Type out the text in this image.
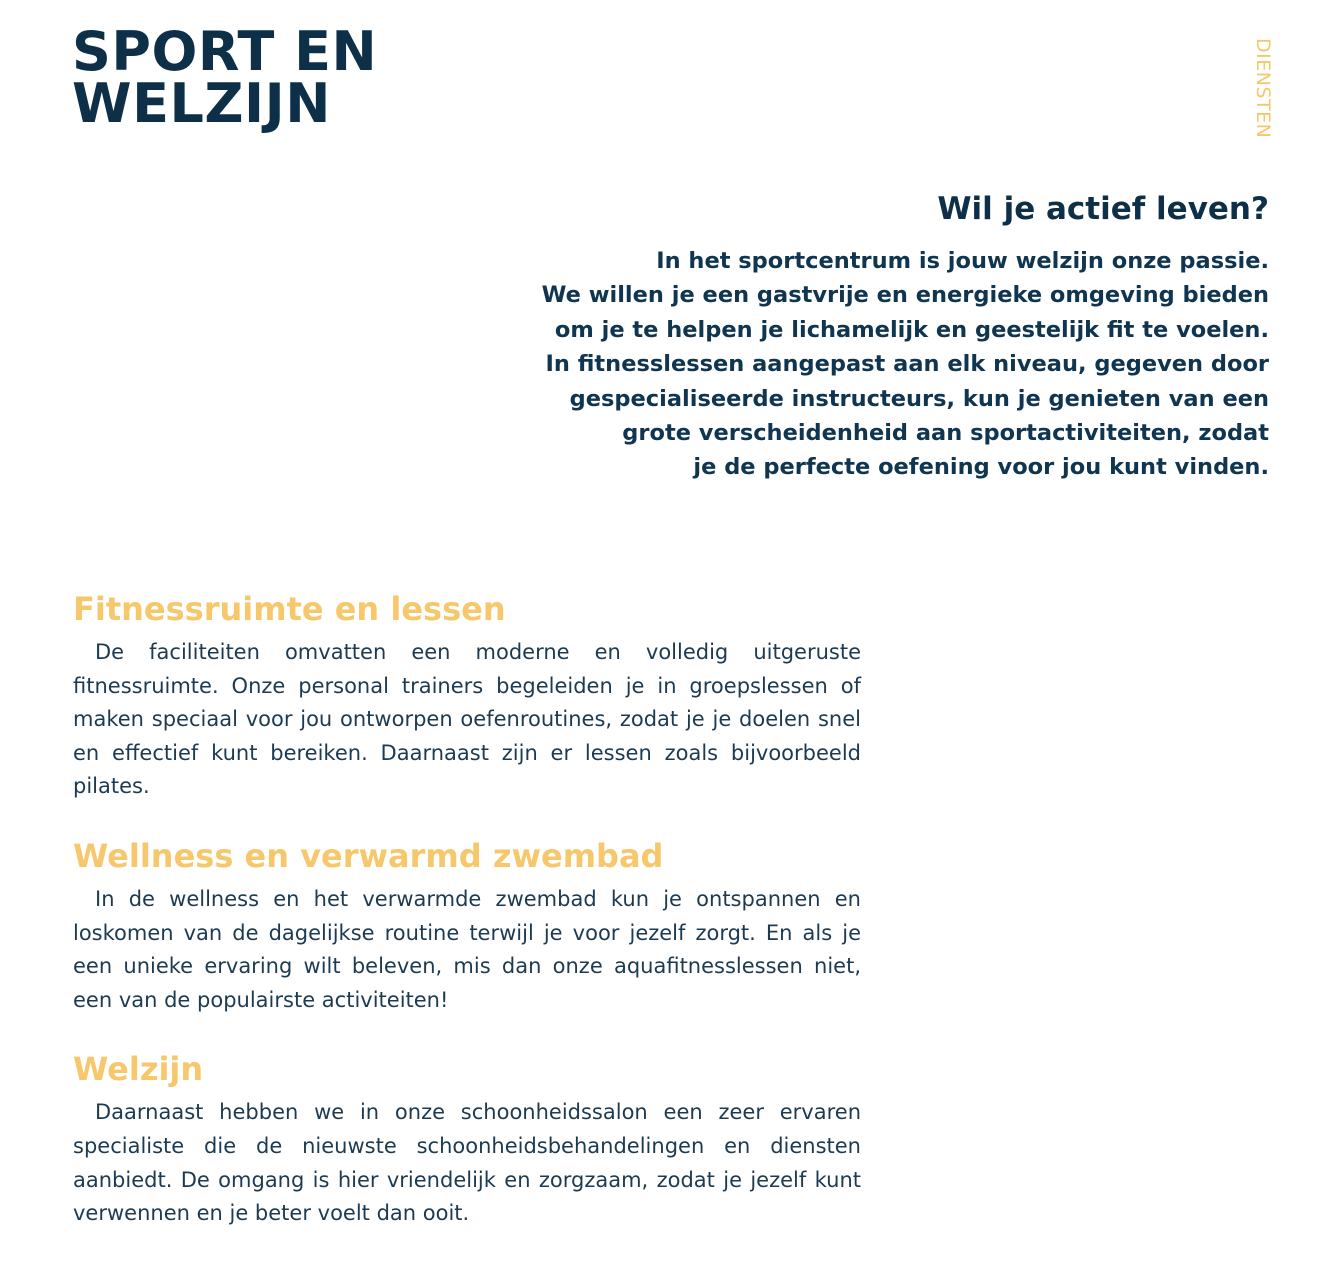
SPORT EN
WELZIJN	DIENSTEN
Wil je actief leven?

In het sportcentrum is jouw welzijn onze passie.
We willen je een gastvrije en energieke omgeving bieden
om je te helpen je lichamelijk en geestelijk fit te voelen.
In fitnesslessen aangepast aan elk niveau, gegeven door
gespecialiseerde instructeurs, kun je genieten van een
grote verscheidenheid aan sportactiviteiten, zodat
je de perfecte oefening voor jou kunt vinden.

Fitnessruimte en lessen

De faciliteiten omvatten een moderne en volledig uitgeruste fitnessruimte. Onze personal trainers begeleiden je in groepslessen of maken speciaal voor jou ontworpen oefenroutines, zodat je je doelen snel en effectief kunt bereiken. Daarnaast zijn er lessen zoals bijvoorbeeld pilates.

Wellness en verwarmd zwembad

In de wellness en het verwarmde zwembad kun je ontspannen en loskomen van de dagelijkse routine terwijl je voor jezelf zorgt. En als je een unieke ervaring wilt beleven, mis dan onze aquafitnesslessen niet, een van de populairste activiteiten!

Welzijn

Daarnaast hebben we in onze schoonheidssalon een zeer ervaren specialiste die de nieuwste schoonheidsbehandelingen en diensten aanbiedt. De omgang is hier vriendelijk en zorgzaam, zodat je jezelf kunt verwennen en je beter voelt dan ooit.
